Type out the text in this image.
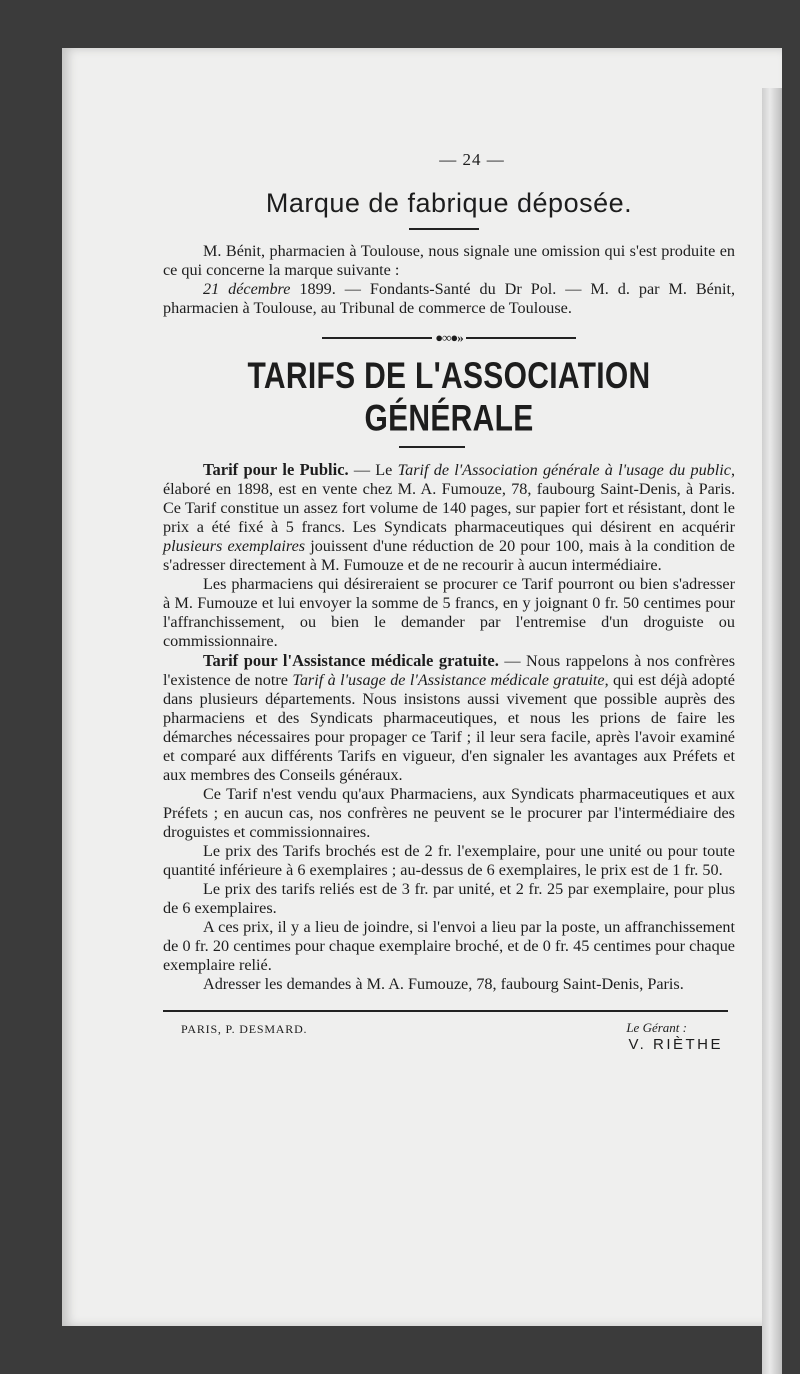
— 24 —
Marque de fabrique déposée.

M. Bénit, pharmacien à Toulouse, nous signale une omission qui s'est produite en ce qui concerne la marque suivante :

21 décembre 1899. — Fondants-Santé du Dr Pol. — M. d. par M. Bénit, pharmacien à Toulouse, au Tribunal de commerce de Toulouse.

●∞●»
TARIFS DE L'ASSOCIATION GÉNÉRALE

Tarif pour le Public. — Le Tarif de l'Association générale à l'usage du public, élaboré en 1898, est en vente chez M. A. Fumouze, 78, faubourg Saint-Denis, à Paris. Ce Tarif constitue un assez fort volume de 140 pages, sur papier fort et résistant, dont le prix a été fixé à 5 francs. Les Syndicats pharmaceutiques qui désirent en acquérir plusieurs exemplaires jouissent d'une réduction de 20 pour 100, mais à la condition de s'adresser directement à M. Fumouze et de ne recourir à aucun intermédiaire.

Les pharmaciens qui désireraient se procurer ce Tarif pourront ou bien s'adresser à M. Fumouze et lui envoyer la somme de 5 francs, en y joignant 0 fr. 50 centimes pour l'affranchissement, ou bien le demander par l'entremise d'un droguiste ou commissionnaire.

Tarif pour l'Assistance médicale gratuite. — Nous rappelons à nos confrères l'existence de notre Tarif à l'usage de l'Assistance médicale gratuite, qui est déjà adopté dans plusieurs départements. Nous insistons aussi vivement que possible auprès des pharmaciens et des Syndicats pharmaceutiques, et nous les prions de faire les démarches nécessaires pour propager ce Tarif ; il leur sera facile, après l'avoir examiné et comparé aux différents Tarifs en vigueur, d'en signaler les avantages aux Préfets et aux membres des Conseils généraux.

Ce Tarif n'est vendu qu'aux Pharmaciens, aux Syndicats pharmaceutiques et aux Préfets ; en aucun cas, nos confrères ne peuvent se le procurer par l'intermédiaire des droguistes et commissionnaires.

Le prix des Tarifs brochés est de 2 fr. l'exemplaire, pour une unité ou pour toute quantité inférieure à 6 exemplaires ; au-dessus de 6 exemplaires, le prix est de 1 fr. 50.

Le prix des tarifs reliés est de 3 fr. par unité, et 2 fr. 25 par exemplaire, pour plus de 6 exemplaires.

A ces prix, il y a lieu de joindre, si l'envoi a lieu par la poste, un affranchissement de 0 fr. 20 centimes pour chaque exemplaire broché, et de 0 fr. 45 centimes pour chaque exemplaire relié.

Adresser les demandes à M. A. Fumouze, 78, faubourg Saint-Denis, Paris.

PARIS, P. DESMARD.	Le Gérant :
V. RIÈTHE
